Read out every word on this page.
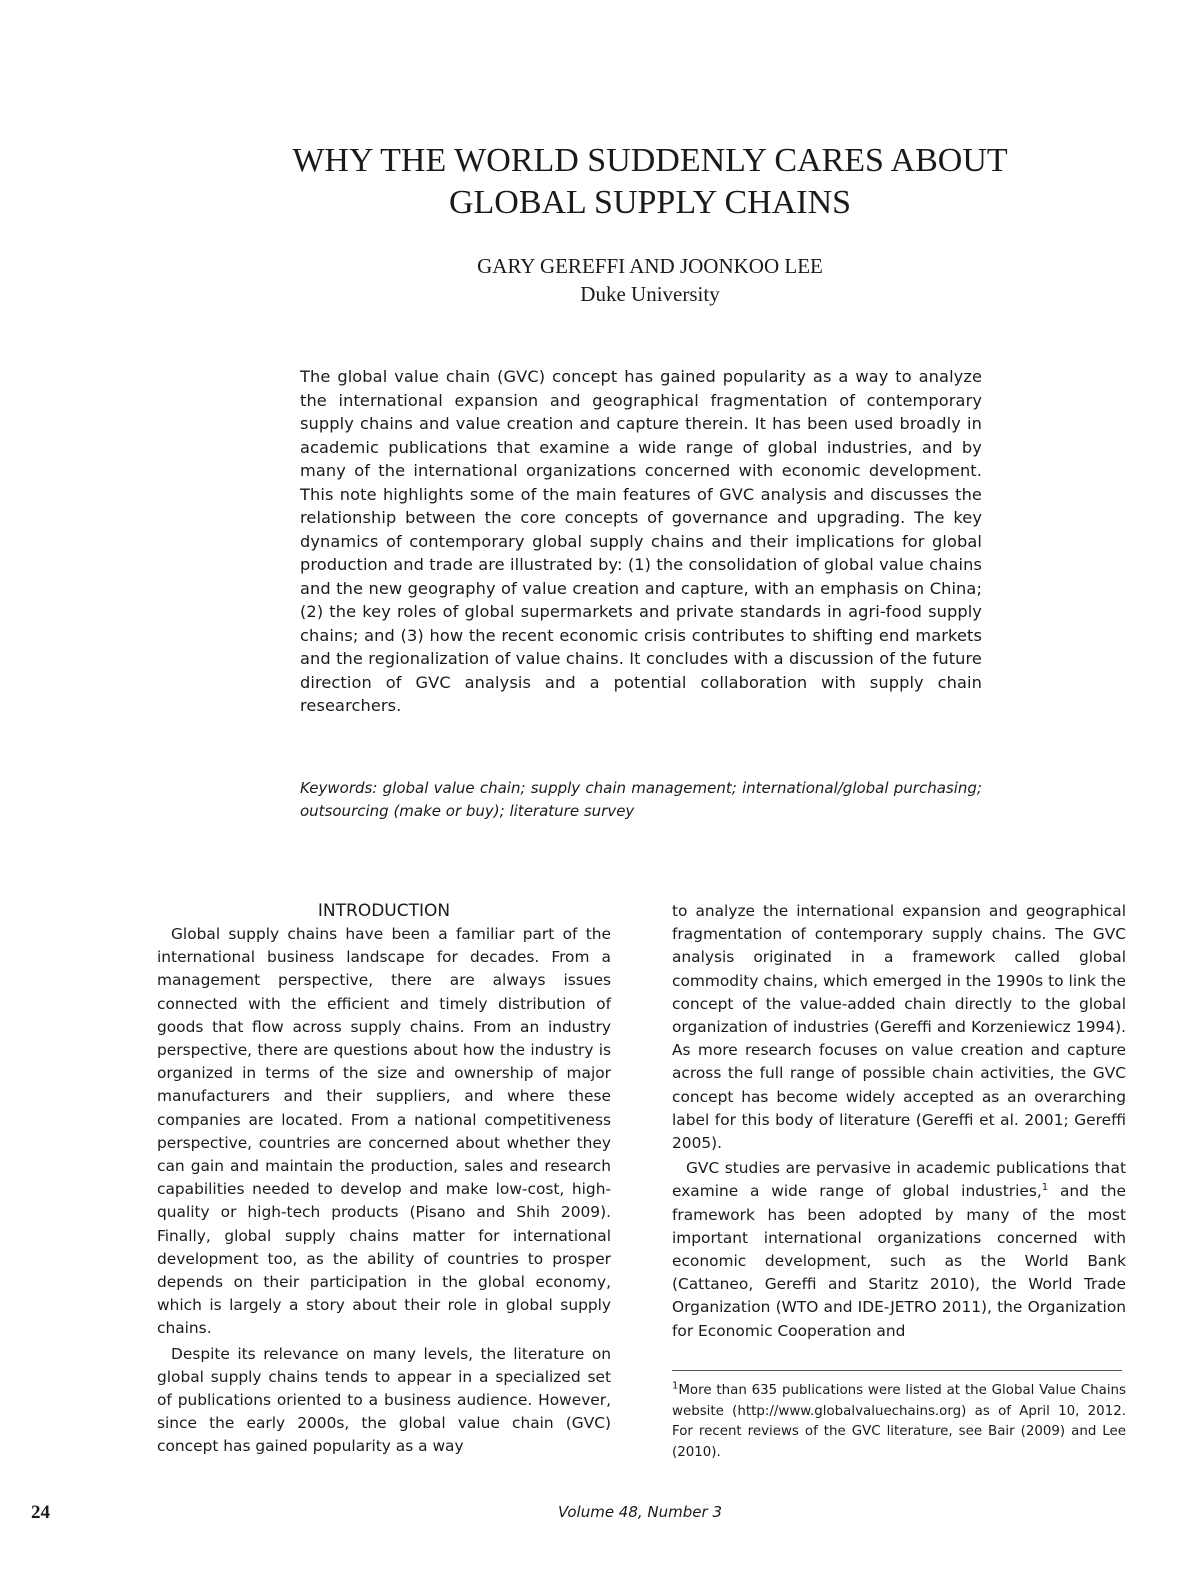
WHY THE WORLD SUDDENLY CARES ABOUT
GLOBAL SUPPLY CHAINS
GARY GEREFFI AND JOONKOO LEE
Duke University
The global value chain (GVC) concept has gained popularity as a way to analyze the international expansion and geographical fragmentation of contemporary supply chains and value creation and capture therein. It has been used broadly in academic publications that examine a wide range of global industries, and by many of the international organizations concerned with economic development. This note highlights some of the main features of GVC analysis and discusses the relationship between the core concepts of governance and upgrading. The key dynamics of contemporary global supply chains and their implications for global production and trade are illustrated by: (1) the consolidation of global value chains and the new geography of value creation and capture, with an emphasis on China; (2) the key roles of global supermarkets and private standards in agri-food supply chains; and (3) how the recent economic crisis contributes to shifting end markets and the regionalization of value chains. It concludes with a discussion of the future direction of GVC analysis and a potential collaboration with supply chain researchers.
Keywords: global value chain; supply chain management; international/global purchasing; outsourcing (make or buy); literature survey
INTRODUCTION

Global supply chains have been a familiar part of the international business landscape for decades. From a management perspective, there are always issues connected with the efficient and timely distribution of goods that flow across supply chains. From an industry perspective, there are questions about how the industry is organized in terms of the size and ownership of major manufacturers and their suppliers, and where these companies are located. From a national competitiveness perspective, countries are concerned about whether they can gain and maintain the production, sales and research capabilities needed to develop and make low-cost, high-quality or high-tech products (Pisano and Shih 2009). Finally, global supply chains matter for international development too, as the ability of countries to prosper depends on their participation in the global economy, which is largely a story about their role in global supply chains.

Despite its relevance on many levels, the literature on global supply chains tends to appear in a specialized set of publications oriented to a business audience. However, since the early 2000s, the global value chain (GVC) concept has gained popularity as a way

to analyze the international expansion and geographical fragmentation of contemporary supply chains. The GVC analysis originated in a framework called global commodity chains, which emerged in the 1990s to link the concept of the value-added chain directly to the global organization of industries (Gereffi and Korzeniewicz 1994). As more research focuses on value creation and capture across the full range of possible chain activities, the GVC concept has become widely accepted as an overarching label for this body of literature (Gereffi et al. 2001; Gereffi 2005).

GVC studies are pervasive in academic publications that examine a wide range of global industries,$^1$ and the framework has been adopted by many of the most important international organizations concerned with economic development, such as the World Bank (Cattaneo, Gereffi and Staritz 2010), the World Trade Organization (WTO and IDE-JETRO 2011), the Organization for Economic Cooperation and

$^1$More than 635 publications were listed at the Global Value Chains website (http://www.globalvaluechains.org) as of April 10, 2012. For recent reviews of the GVC literature, see Bair (2009) and Lee (2010).
24	Volume 48, Number 3
